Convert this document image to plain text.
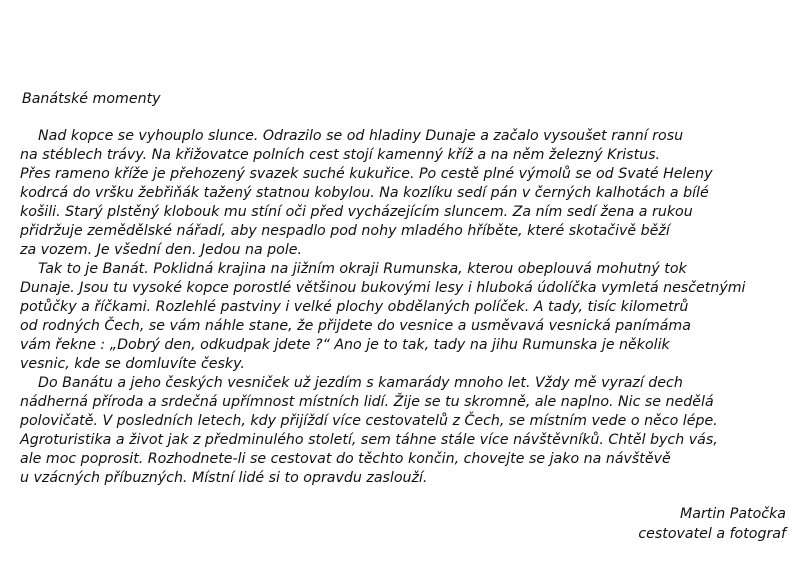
Banátské momenty
Nad kopce se vyhouplo slunce. Odrazilo se od hladiny Dunaje a začalo vysoušet ranní rosu
na stéblech trávy. Na křižovatce polních cest stojí kamenný kříž a na něm železný Kristus.
Přes rameno kříže je přehozený svazek suché kukuřice. Po cestě plné výmolů se od Svaté Heleny
kodrcá do vršku žebřiňák tažený statnou kobylou. Na kozlíku sedí pán v černých kalhotách a bílé
košili. Starý plstěný klobouk mu stíní oči před vycházejícím sluncem. Za ním sedí žena a rukou
přidržuje zemědělské nářadí, aby nespadlo pod nohy mladého hříběte, které skotačivě běží
za vozem. Je všední den. Jedou na pole.
Tak to je Banát. Poklidná krajina na jižním okraji Rumunska, kterou obeplouvá mohutný tok
Dunaje. Jsou tu vysoké kopce porostlé většinou bukovými lesy i hluboká údolíčka vymletá nesčetnými
potůčky a říčkami. Rozlehlé pastviny i velké plochy obdělaných políček. A tady, tisíc kilometrů
od rodných Čech, se vám náhle stane, že přijdete do vesnice a usměvavá vesnická panímáma
vám řekne : „Dobrý den, odkudpak jdete ?“ Ano je to tak, tady na jihu Rumunska je několik
vesnic, kde se domluvíte česky.
Do Banátu a jeho českých vesniček už jezdím s kamarády mnoho let. Vždy mě vyrazí dech
nádherná příroda a srdečná upřímnost místních lidí. Žije se tu skromně, ale naplno. Nic se nedělá
polovičatě. V posledních letech, kdy přijíždí více cestovatelů z Čech, se místním vede o něco lépe.
Agroturistika a život jak z předminulého století, sem táhne stále více návštěvníků. Chtěl bych vás,
ale moc poprosit. Rozhodnete-li se cestovat do těchto končin, chovejte se jako na návštěvě
u vzácných příbuzných. Místní lidé si to opravdu zaslouží.
Martin Patočka
cestovatel a fotograf
